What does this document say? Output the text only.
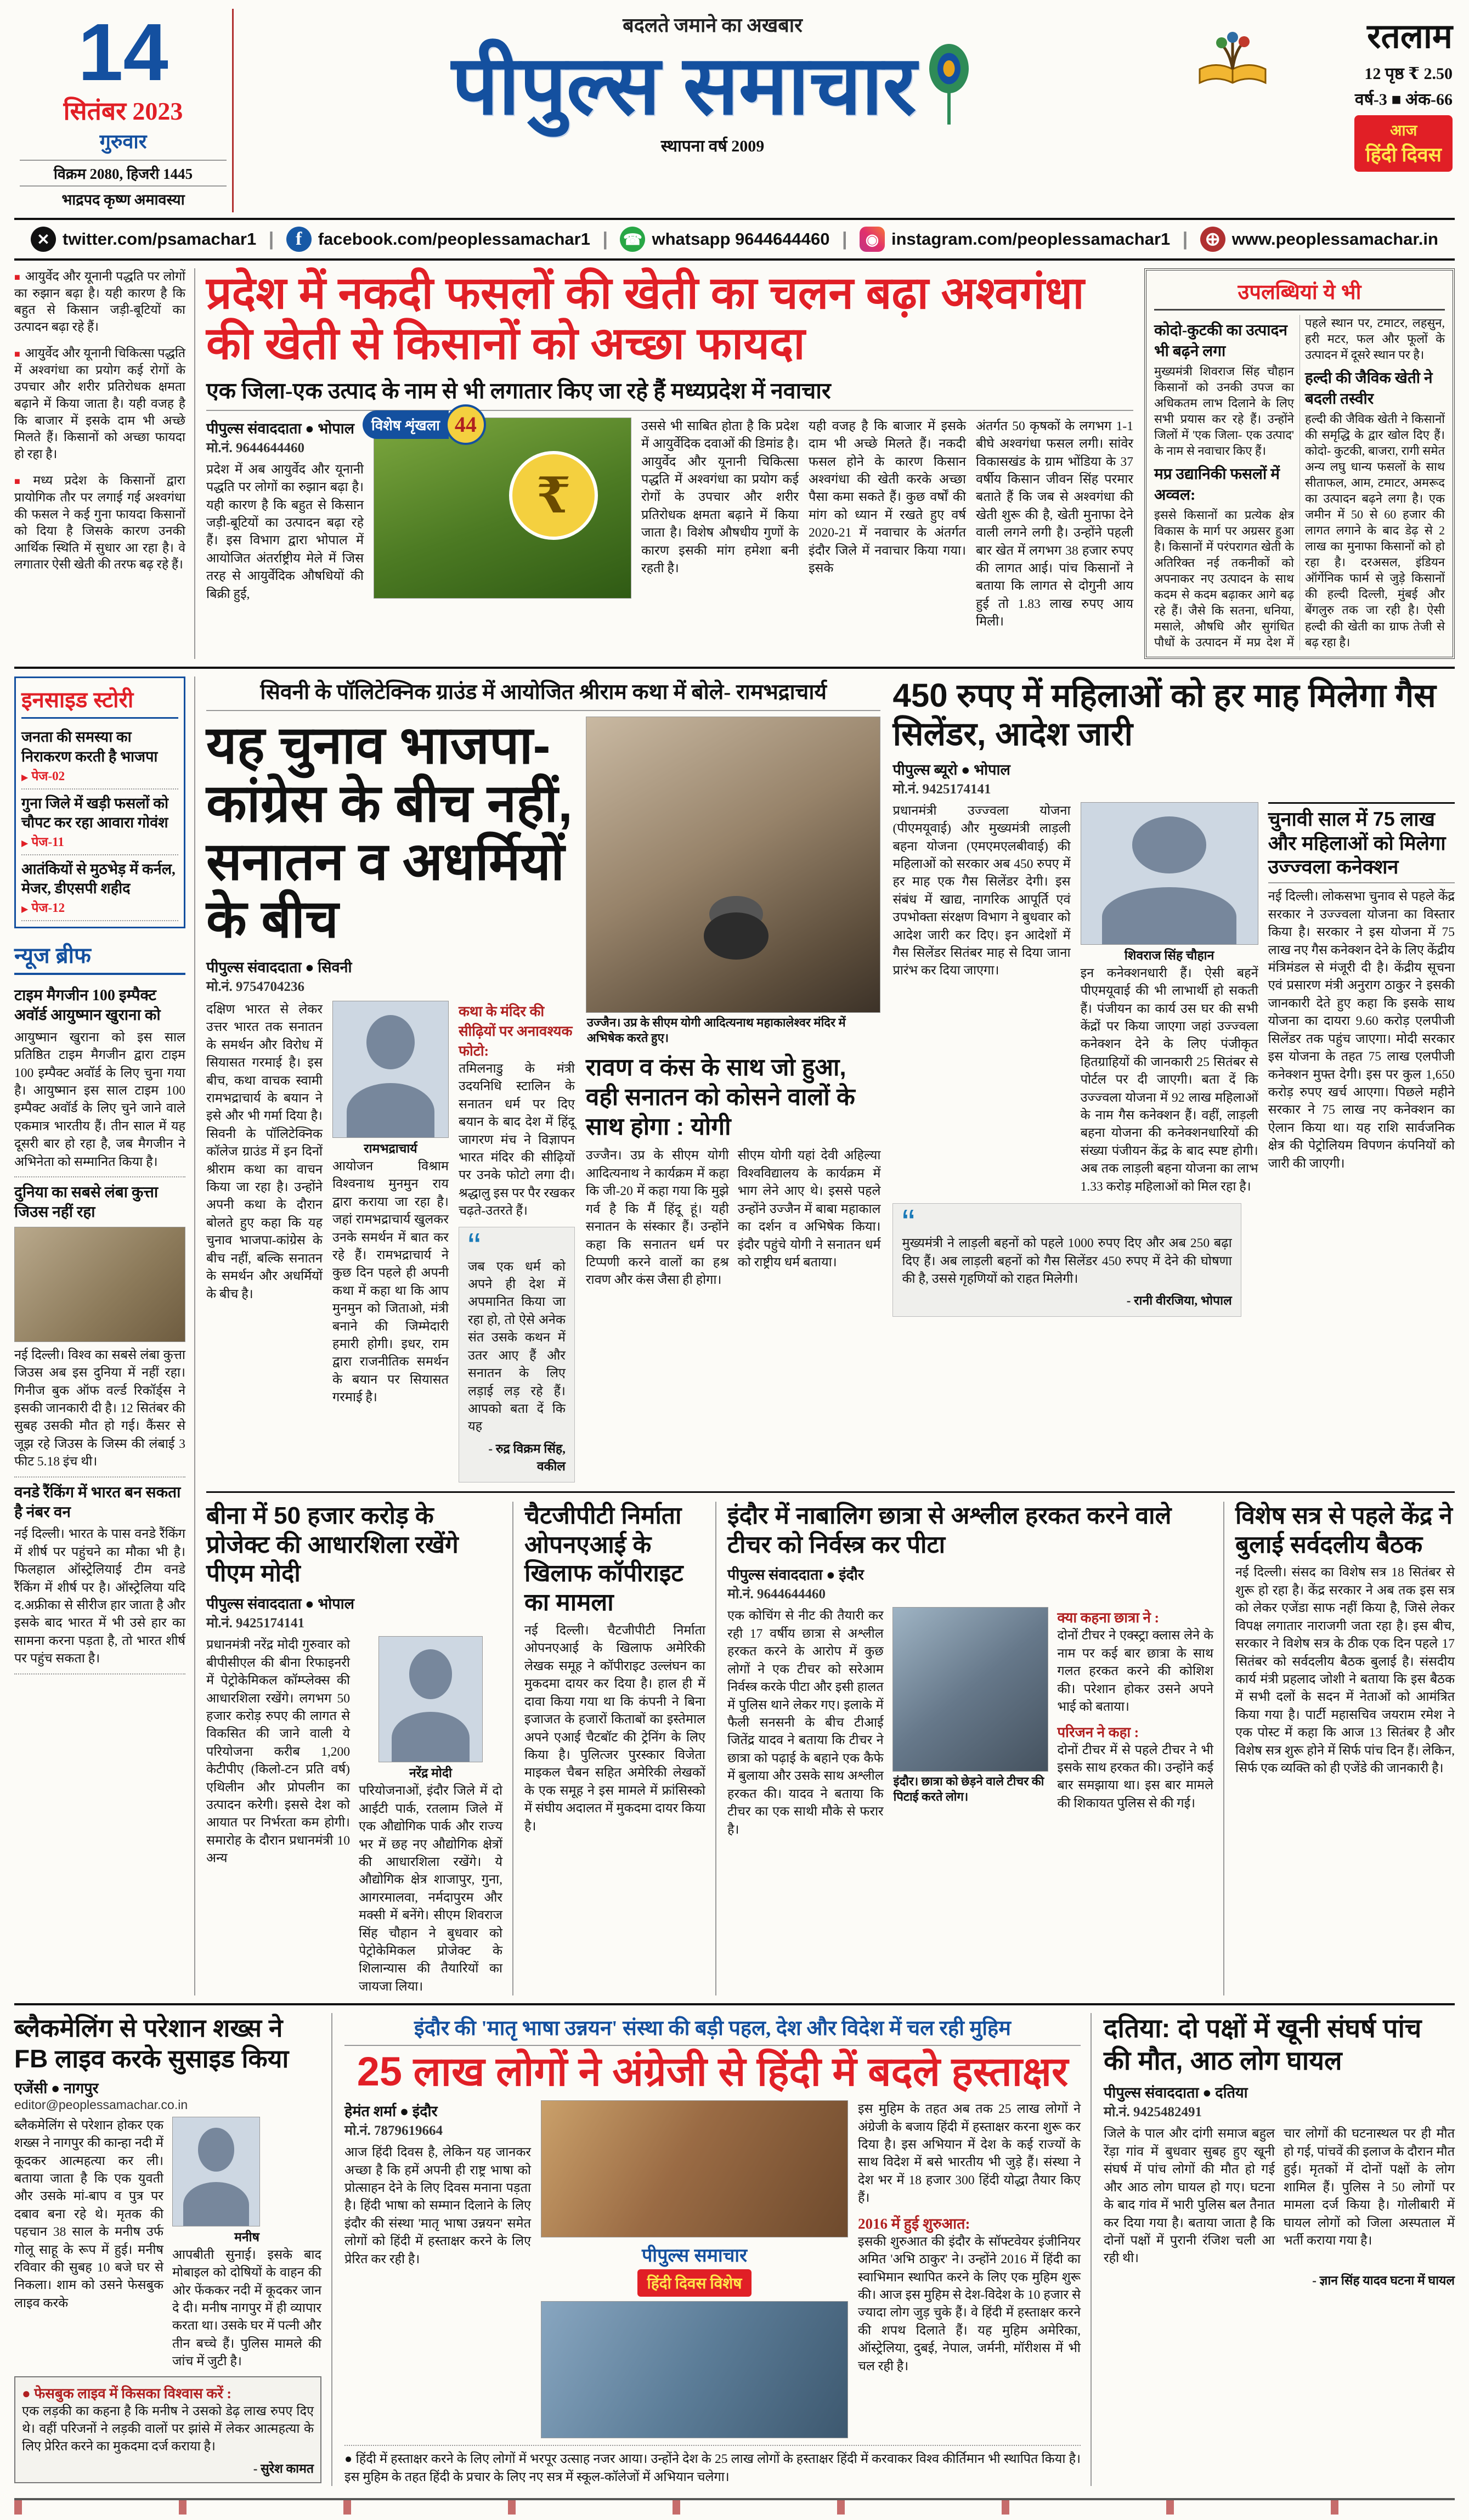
14
सितंबर 2023
गुरुवार
विक्रम 2080, हिजरी 1445
भाद्रपद कृष्ण अमावस्या
बदलते जमाने का अखबार
पीपुल्स समाचार
स्थापना वर्ष 2009
रतलाम
12 पृष्ठ ₹ 2.50
वर्ष-3 ■ अंक-66
आज
हिंदी दिवस
✕
twitter.com/psamachar1 | f	facebook.com/peoplessamachar1 | ☎	whatsapp 9644644460 | ◉	instagram.com/peoplessamachar1 | ⊕	www.peoplessamachar.in

■ आयुर्वेद और यूनानी पद्धति पर लोगों का रुझान बढ़ा है। यही कारण है कि बहुत से किसान जड़ी-बूटियों का उत्पादन बढ़ा रहे हैं।

■ आयुर्वेद और यूनानी चिकित्सा पद्धति में अश्वगंधा का प्रयोग कई रोगों के उपचार और शरीर प्रतिरोधक क्षमता बढ़ाने में किया जाता है। यही वजह है कि बाजार में इसके दाम भी अच्छे मिलते हैं। किसानों को अच्छा फायदा हो रहा है।

■ मध्य प्रदेश के किसानों द्वारा प्रायोगिक तौर पर लगाई गई अश्वगंधा की फसल ने कई गुना फायदा किसानों को दिया है जिसके कारण उनकी आर्थिक स्थिति में सुधार आ रहा है। वे लगातार ऐसी खेती की तरफ बढ़ रहे हैं।

प्रदेश में नकदी फसलों की खेती का चलन बढ़ा अश्वगंधा की खेती से किसानों को अच्छा फायदा
एक जिला-एक उत्पाद के नाम से भी लगातार किए जा रहे हैं मध्यप्रदेश में नवाचार
पीपुल्स संवाददाता ● भोपाल
मो.नं. 9644644460

प्रदेश में अब आयुर्वेद और यूनानी पद्धति पर लोगों का रुझान बढ़ा है। यही कारण है कि बहुत से किसान जड़ी-बूटियों का उत्पादन बढ़ा रहे हैं। इस विभाग द्वारा भोपाल में आयोजित अंतर्राष्ट्रीय मेले में जिस तरह से आयुर्वेदिक औषधियों की बिक्री हुई,

₹
विशेष शृंखला 44	उससे भी साबित होता है कि प्रदेश में आयुर्वेदिक दवाओं की डिमांड है। आयुर्वेद और यूनानी चिकित्सा पद्धति में अश्वगंधा का प्रयोग कई रोगों के उपचार और शरीर प्रतिरोधक क्षमता बढ़ाने में किया जाता है। विशेष औषधीय गुणों के कारण इसकी मांग हमेशा बनी रहती है।

यही वजह है कि बाजार में इसके दाम भी अच्छे मिलते हैं। नकदी फसल होने के कारण किसान अश्वगंधा की खेती करके अच्छा पैसा कमा सकते हैं। कुछ वर्षों की मांग को ध्यान में रखते हुए वर्ष 2020-21 में नवाचार के अंतर्गत इंदौर जिले में नवाचार किया गया। इसके

अंतर्गत 50 कृषकों के लगभग 1-1 बीघे अश्वगंधा फसल लगी। सांवेर विकासखंड के ग्राम भोंडिया के 37 वर्षीय किसान जीवन सिंह परमार बताते हैं कि जब से अश्वगंधा की खेती शुरू की है, खेती मुनाफा देने वाली लगने लगी है। उन्होंने पहली बार खेत में लगभग 38 हजार रुपए की लागत आई। पांच किसानों ने बताया कि लागत से दोगुनी आय हुई तो 1.83 लाख रुपए आय मिली।

उपलब्धियां ये भी
कोदो-कुटकी का उत्पादन भी बढ़ने लगा

मुख्यमंत्री शिवराज सिंह चौहान किसानों को उनकी उपज का अधिकतम लाभ दिलाने के लिए सभी प्रयास कर रहे हैं। उन्होंने जिलों में 'एक जिला- एक उत्पाद' के नाम से नवाचार किए हैं।

मप्र उद्यानिकी फसलों में अव्वल:

इससे किसानों का प्रत्येक क्षेत्र विकास के मार्ग पर अग्रसर हुआ है। किसानों में परंपरागत खेती के अतिरिक्त नई तकनीकों को अपनाकर नए उत्पादन के साथ कदम से कदम बढ़ाकर आगे बढ़ रहे हैं। जैसे कि सतना, धनिया, मसाले, औषधि और सुगंधित पौधों के उत्पादन में मप्र देश में पहले स्थान पर, टमाटर, लहसुन, हरी मटर, फल और फूलों के उत्पादन में दूसरे स्थान पर है।

हल्दी की जैविक खेती ने बदली तस्वीर

हल्दी की जैविक खेती ने किसानों की समृद्धि के द्वार खोल दिए हैं। कोदो- कुटकी, बाजरा, रागी समेत अन्य लघु धान्य फसलों के साथ सीताफल, आम, टमाटर, अमरूद का उत्पादन बढ़ने लगा है। एक जमीन में 50 से 60 हजार की लागत लगाने के बाद डेढ़ से 2 लाख का मुनाफा किसानों को हो रहा है। दरअसल, इंडियन ऑर्गेनिक फार्म से जुड़े किसानों की हल्दी दिल्ली, मुंबई और बेंगलुरु तक जा रही है। ऐसी हल्दी की खेती का ग्राफ तेजी से बढ़ रहा है।

इनसाइड स्टोरी
जनता की समस्या का निराकरण करती है भाजपा
▶ पेज-02
गुना जिले में खड़ी फसलों को चौपट कर रहा आवारा गोवंश
▶ पेज-11
आतंकियों से मुठभेड़ में कर्नल, मेजर, डीएसपी शहीद
▶ पेज-12
न्यूज ब्रीफ
टाइम मैगजीन 100 इम्पैक्ट अवॉर्ड आयुष्मान खुराना को

आयुष्मान खुराना को इस साल प्रतिष्ठित टाइम मैगजीन द्वारा टाइम 100 इम्पैक्ट अवॉर्ड के लिए चुना गया है। आयुष्मान इस साल टाइम 100 इम्पैक्ट अवॉर्ड के लिए चुने जाने वाले एकमात्र भारतीय हैं। तीन साल में यह दूसरी बार हो रहा है, जब मैगजीन ने अभिनेता को सम्मानित किया है।

दुनिया का सबसे लंबा कुत्ता जिउस नहीं रहा

नई दिल्ली। विश्व का सबसे लंबा कुत्ता जिउस अब इस दुनिया में नहीं रहा। गिनीज बुक ऑफ वर्ल्ड रिकॉर्ड्स ने इसकी जानकारी दी है। 12 सितंबर की सुबह उसकी मौत हो गई। कैंसर से जूझ रहे जिउस के जिस्म की लंबाई 3 फीट 5.18 इंच थी।

वनडे रैंकिंग में भारत बन सकता है नंबर वन

नई दिल्ली। भारत के पास वनडे रैंकिंग में शीर्ष पर पहुंचने का मौका भी है। फिलहाल ऑस्ट्रेलियाई टीम वनडे रैंकिंग में शीर्ष पर है। ऑस्ट्रेलिया यदि द.अफ्रीका से सीरीज हार जाता है और इसके बाद भारत में भी उसे हार का सामना करना पड़ता है, तो भारत शीर्ष पर पहुंच सकता है।

सिवनी के पॉलिटेक्निक ग्राउंड में आयोजित श्रीराम कथा में बोले- रामभद्राचार्य
यह चुनाव भाजपा-कांग्रेस के बीच नहीं, सनातन व अधर्मियों के बीच
पीपुल्स संवाददाता ● सिवनी
मो.नं. 9754704236

दक्षिण भारत से लेकर उत्तर भारत तक सनातन के समर्थन और विरोध में सियासत गरमाई है। इस बीच, कथा वाचक स्वामी रामभद्राचार्य के बयान ने इसे और भी गर्मा दिया है। सिवनी के पॉलिटेक्निक कॉलेज ग्राउंड में इन दिनों श्रीराम कथा का वाचन किया जा रहा है। उन्होंने अपनी कथा के दौरान बोलते हुए कहा कि यह चुनाव भाजपा-कांग्रेस के बीच नहीं, बल्कि सनातन के समर्थन और अधर्मियों के बीच है।

रामभद्राचार्य

आयोजन विश्राम विश्वनाथ मुनमुन राय द्वारा कराया जा रहा है। जहां रामभद्राचार्य खुलकर उनके समर्थन में बात कर रहे हैं। रामभद्राचार्य ने कुछ दिन पहले ही अपनी कथा में कहा था कि आप मुनमुन को जिताओ, मंत्री बनाने की जिम्मेदारी हमारी होगी। इधर, राम द्वारा राजनीतिक समर्थन के बयान पर सियासत गरमाई है।

कथा के मंदिर की सीढ़ियों पर अनावश्यक फोटो:

तमिलनाडु के मंत्री उदयनिधि स्टालिन के सनातन धर्म पर दिए बयान के बाद देश में हिंदू जागरण मंच ने विज्ञापन भारत मंदिर की सीढ़ियों पर उनके फोटो लगा दी। श्रद्धालु इस पर पैर रखकर चढ़ते-उतरते हैं।

“ जब एक धर्म को अपने ही देश में अपमानित किया जा रहा हो, तो ऐसे अनेक संत उसके कथन में उतर आए हैं और सनातन के लिए लड़ाई लड़ रहे हैं। आपको बता दें कि यह

- रुद्र विक्रम सिंह, वकील
उज्जैन। उप्र के सीएम योगी आदित्यनाथ महाकालेश्वर मंदिर में अभिषेक करते हुए।
रावण व कंस के साथ जो हुआ, वही सनातन को कोसने वालों के साथ होगा : योगी

उज्जैन। उप्र के सीएम योगी आदित्यनाथ ने कार्यक्रम में कहा कि जी-20 में कहा गया कि मुझे गर्व है कि मैं हिंदू हूं। यही सनातन के संस्कार हैं। उन्होंने कहा कि सनातन धर्म पर टिप्पणी करने वालों का हश्र रावण और कंस जैसा ही होगा।

सीएम योगी यहां देवी अहिल्या विश्वविद्यालय के कार्यक्रम में भाग लेने आए थे। इससे पहले उन्होंने उज्जैन में बाबा महाकाल का दर्शन व अभिषेक किया। इंदौर पहुंचे योगी ने सनातन धर्म को राष्ट्रीय धर्म बताया।

450 रुपए में महिलाओं को हर माह मिलेगा गैस सिलेंडर, आदेश जारी
पीपुल्स ब्यूरो ● भोपाल
मो.नं. 9425174141

प्रधानमंत्री उज्ज्वला योजना (पीएमयूवाई) और मुख्यमंत्री लाड़ली बहना योजना (एमएमएलबीवाई) की महिलाओं को सरकार अब 450 रुपए में हर माह एक गैस सिलेंडर देगी। इस संबंध में खाद्य, नागरिक आपूर्ति एवं उपभोक्ता संरक्षण विभाग ने बुधवार को आदेश जारी कर दिए। इन आदेशों में गैस सिलेंडर सितंबर माह से दिया जाना प्रारंभ कर दिया जाएगा।

शिवराज सिंह चौहान

इन कनेक्शनधारी हैं। ऐसी बहनें पीएमयूवाई की भी लाभार्थी हो सकती हैं। पंजीयन का कार्य उस घर की सभी केंद्रों पर किया जाएगा जहां उज्ज्वला कनेक्शन देने के लिए पंजीकृत हितग्राहियों की जानकारी 25 सितंबर से पोर्टल पर दी जाएगी। बता दें कि उज्ज्वला योजना में 92 लाख महिलाओं के नाम गैस कनेक्शन हैं। वहीं, लाड़ली बहना योजना की कनेक्शनधारियों की संख्या पंजीयन केंद्र के बाद स्पष्ट होगी। अब तक लाड़ली बहना योजना का लाभ 1.33 करोड़ महिलाओं को मिल रहा है।

चुनावी साल में 75 लाख और महिलाओं को मिलेगा उज्ज्वला कनेक्शन

नई दिल्ली। लोकसभा चुनाव से पहले केंद्र सरकार ने उज्ज्वला योजना का विस्तार किया है। सरकार ने इस योजना में 75 लाख नए गैस कनेक्शन देने के लिए केंद्रीय मंत्रिमंडल से मंजूरी दी है। केंद्रीय सूचना एवं प्रसारण मंत्री अनुराग ठाकुर ने इसकी जानकारी देते हुए कहा कि इसके साथ योजना का दायरा 9.60 करोड़ एलपीजी सिलेंडर तक पहुंच जाएगा। मोदी सरकार इस योजना के तहत 75 लाख एलपीजी कनेक्शन मुफ्त देगी। इस पर कुल 1,650 करोड़ रुपए खर्च आएगा। पिछले महीने सरकार ने 75 लाख नए कनेक्शन का ऐलान किया था। यह राशि सार्वजनिक क्षेत्र की पेट्रोलियम विपणन कंपनियों को जारी की जाएगी।

“ मुख्यमंत्री ने लाड़ली बहनों को पहले 1000 रुपए दिए और अब 250 बढ़ा दिए हैं। अब लाड़ली बहनों को गैस सिलेंडर 450 रुपए में देने की घोषणा की है, उससे गृहणियों को राहत मिलेगी।

- रानी वीरजिया, भोपाल
बीना में 50 हजार करोड़ के प्रोजेक्ट की आधारशिला रखेंगे पीएम मोदी
पीपुल्स संवाददाता ● भोपाल
मो.नं. 9425174141

प्रधानमंत्री नरेंद्र मोदी गुरुवार को बीपीसीएल की बीना रिफाइनरी में पेट्रोकेमिकल कॉम्प्लेक्स की आधारशिला रखेंगे। लगभग 50 हजार करोड़ रुपए की लागत से विकसित की जाने वाली ये परियोजना करीब 1,200 केटीपीए (किलो-टन प्रति वर्ष) एथिलीन और प्रोपलीन का उत्पादन करेगी। इससे देश को आयात पर निर्भरता कम होगी। समारोह के दौरान प्रधानमंत्री 10 अन्य

नरेंद्र मोदी

परियोजनाओं, इंदौर जिले में दो आईटी पार्क, रतलाम जिले में एक औद्योगिक पार्क और राज्य भर में छह नए औद्योगिक क्षेत्रों की आधारशिला रखेंगे। ये औद्योगिक क्षेत्र शाजापुर, गुना, आगरमालवा, नर्मदापुरम और मक्सी में बनेंगे। सीएम शिवराज सिंह चौहान ने बुधवार को पेट्रोकेमिकल प्रोजेक्ट के शिलान्यास की तैयारियों का जायजा लिया।

चैटजीपीटी निर्माता ओपनएआई के खिलाफ कॉपीराइट का मामला

नई दिल्ली। चैटजीपीटी निर्माता ओपनएआई के खिलाफ अमेरिकी लेखक समूह ने कॉपीराइट उल्लंघन का मुकदमा दायर कर दिया है। हाल ही में दावा किया गया था कि कंपनी ने बिना इजाजत के हजारों किताबों का इस्तेमाल अपने एआई चैटबॉट की ट्रेनिंग के लिए किया है। पुलित्जर पुरस्कार विजेता माइकल चैबन सहित अमेरिकी लेखकों के एक समूह ने इस मामले में फ्रांसिस्को में संघीय अदालत में मुकदमा दायर किया है।

इंदौर में नाबालिग छात्रा से अश्लील हरकत करने वाले टीचर को निर्वस्त्र कर पीटा
पीपुल्स संवाददाता ● इंदौर
मो.नं. 9644644460

एक कोचिंग से नीट की तैयारी कर रही 17 वर्षीय छात्रा से अश्लील हरकत करने के आरोप में कुछ लोगों ने एक टीचर को सरेआम निर्वस्त्र करके पीटा और इसी हालत में पुलिस थाने लेकर गए। इलाके में फैली सनसनी के बीच टीआई जितेंद्र यादव ने बताया कि टीचर ने छात्रा को पढ़ाई के बहाने एक कैफे में बुलाया और उसके साथ अश्लील हरकत की। यादव ने बताया कि टीचर का एक साथी मौके से फरार है।

इंदौर। छात्रा को छेड़ने वाले टीचर की पिटाई करते लोग।
क्या कहना छात्रा ने :

दोनों टीचर ने एक्स्ट्रा क्लास लेने के नाम पर कई बार छात्रा के साथ गलत हरकत करने की कोशिश की। परेशान होकर उसने अपने भाई को बताया।

परिजन ने कहा :

दोनों टीचर में से पहले टीचर ने भी इसके साथ हरकत की। उन्होंने कई बार समझाया था। इस बार मामले की शिकायत पुलिस से की गई।

विशेष सत्र से पहले केंद्र ने बुलाई सर्वदलीय बैठक

नई दिल्ली। संसद का विशेष सत्र 18 सितंबर से शुरू हो रहा है। केंद्र सरकार ने अब तक इस सत्र को लेकर एजेंडा साफ नहीं किया है, जिसे लेकर विपक्ष लगातार नाराजगी जता रहा है। इस बीच, सरकार ने विशेष सत्र के ठीक एक दिन पहले 17 सितंबर को सर्वदलीय बैठक बुलाई है। संसदीय कार्य मंत्री प्रहलाद जोशी ने बताया कि इस बैठक में सभी दलों के सदन में नेताओं को आमंत्रित किया गया है। पार्टी महासचिव जयराम रमेश ने एक पोस्ट में कहा कि आज 13 सितंबर है और विशेष सत्र शुरू होने में सिर्फ पांच दिन हैं। लेकिन, सिर्फ एक व्यक्ति को ही एजेंडे की जानकारी है।

ब्लैकमेलिंग से परेशान शख्स ने FB लाइव करके सुसाइड किया
एजेंसी ● नागपुर
editor@peoplessamachar.co.in

ब्लैकमेलिंग से परेशान होकर एक शख्स ने नागपुर की कान्हा नदी में कूदकर आत्महत्या कर ली। बताया जाता है कि एक युवती और उसके मां-बाप व पुत्र पर दबाव बना रहे थे। मृतक की पहचान 38 साल के मनीष उर्फ गोलू साहू के रूप में हुई। मनीष रविवार की सुबह 10 बजे घर से निकला। शाम को उसने फेसबुक लाइव करके

मनीष

आपबीती सुनाई। इसके बाद मोबाइल को दोषियों के वाहन की ओर फेंककर नदी में कूदकर जान दे दी। मनीष नागपुर में ही व्यापार करता था। उसके घर में पत्नी और तीन बच्चे हैं। पुलिस मामले की जांच में जुटी है।

● फेसबुक लाइव में किसका विश्वास करें :

एक लड़की का कहना है कि मनीष ने उसको डेढ़ लाख रुपए दिए थे। वहीं परिजनों ने लड़की वालों पर झांसे में लेकर आत्महत्या के लिए प्रेरित करने का मुकदमा दर्ज कराया है।

- सुरेश कामत
इंदौर की 'मातृ भाषा उन्नयन' संस्था की बड़ी पहल, देश और विदेश में चल रही मुहिम
25 लाख लोगों ने अंग्रेजी से हिंदी में बदले हस्ताक्षर
हेमंत शर्मा ● इंदौर
मो.नं. 7879619664

आज हिंदी दिवस है, लेकिन यह जानकर अच्छा है कि हमें अपनी ही राष्ट्र भाषा को प्रोत्साहन देने के लिए दिवस मनाना पड़ता है। हिंदी भाषा को सम्मान दिलाने के लिए इंदौर की संस्था 'मातृ भाषा उन्नयन' समेत लोगों को हिंदी में हस्ताक्षर करने के लिए प्रेरित कर रही है।	पीपुल्स समाचार
हिंदी दिवस विशेष

इस मुहिम के तहत अब तक 25 लाख लोगों ने अंग्रेजी के बजाय हिंदी में हस्ताक्षर करना शुरू कर दिया है। इस अभियान में देश के कई राज्यों के साथ विदेश में बसे भारतीय भी जुड़े हैं। संस्था ने देश भर में 18 हजार 300 हिंदी योद्धा तैयार किए हैं।

2016 में हुई शुरुआत:

इसकी शुरुआत की इंदौर के सॉफ्टवेयर इंजीनियर अमित 'अभि ठाकुर' ने। उन्होंने 2016 में हिंदी का स्वाभिमान स्थापित करने के लिए एक मुहिम शुरू की। आज इस मुहिम से देश-विदेश के 10 हजार से ज्यादा लोग जुड़ चुके हैं। वे हिंदी में हस्ताक्षर करने की शपथ दिलाते हैं। यह मुहिम अमेरिका, ऑस्ट्रेलिया, दुबई, नेपाल, जर्मनी, मॉरीशस में भी चल रही है।

● हिंदी में हस्ताक्षर करने के लिए लोगों में भरपूर उत्साह नजर आया। उन्होंने देश के 25 लाख लोगों के हस्ताक्षर हिंदी में करवाकर विश्व कीर्तिमान भी स्थापित किया है। इस मुहिम के तहत हिंदी के प्रचार के लिए नए सत्र में स्कूल-कॉलेजों में अभियान चलेगा।

दतिया: दो पक्षों में खूनी संघर्ष पांच की मौत, आठ लोग घायल
पीपुल्स संवाददाता ● दतिया
मो.नं. 9425482491

जिले के पाल और दांगी समाज बहुल रेंड़ा गांव में बुधवार सुबह हुए खूनी संघर्ष में पांच लोगों की मौत हो गई और आठ लोग घायल हो गए। घटना के बाद गांव में भारी पुलिस बल तैनात कर दिया गया है। बताया जाता है कि दोनों पक्षों में पुरानी रंजिश चली आ रही थी।

चार लोगों की घटनास्थल पर ही मौत हो गई, पांचवें की इलाज के दौरान मौत हुई। मृतकों में दोनों पक्षों के लोग शामिल हैं। पुलिस ने 50 लोगों पर मामला दर्ज किया है। गोलीबारी में घायल लोगों को जिला अस्पताल में भर्ती कराया गया है।

- ज्ञान सिंह यादव घटना में घायल
